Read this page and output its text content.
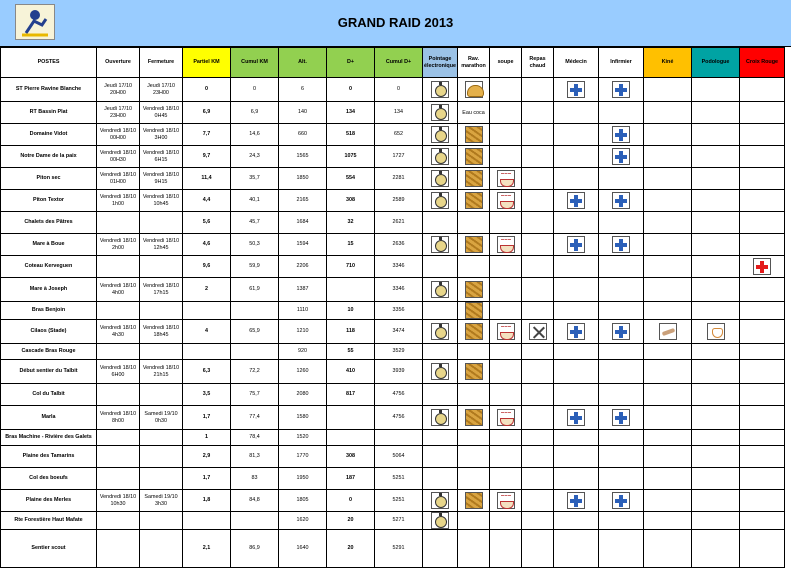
GRAND RAID 2013
POSTES	Ouverture	Fermeture	Partiel KM	Cumul KM	Alt.	D+	Cumul D+	Pointage électronique	Rav. marathon	soupe	Repas chaud	Médecin	Infirmier	Kiné	Podologue	Croix Rouge
ST Pierre Ravine Blanche	Jeudi 17/10 20H00	Jeudi 17/10 23H00	0	0	6	0	0									
RT Bassin Plat	Jeudi 17/10 23H00	Vendredi 18/10 0H45	6,9	6,9	140	134	134		Eau coca							

Domaine Vidot	Vendredi 18/10 00H00	Vendredi 18/10 3H00	7,7	14,6	660	518	652									
Notre Dame de la paix	Vendredi 18/10 00H30	Vendredi 18/10 6H15	9,7	24,3	1565	1075	1727									
Piton sec	Vendredi 18/10 01H00	Vendredi 18/10 9H15	11,4	35,7	1850	554	2281									
Piton Textor	Vendredi 18/10 1h00	Vendredi 18/10 10h45	4,4	40,1	2165	308	2589									
Chalets des Pâtres			5,6	45,7	1684	32	2621									
Mare à Boue	Vendredi 18/10 2h00	Vendredi 18/10 12h45	4,6	50,3	1594	15	2636									
Coteau Kerveguen			9,6	59,9	2206	710	3346									
Mare à Joseph	Vendredi 18/10 4h00	Vendredi 18/10 17h15	2	61,9	1387		3346									
Bras Benjoin					1110	10	3356									
Cilaos (Stade)	Vendredi 18/10 4h30	Vendredi 18/10 18h45	4	65,9	1210	118	3474									
Cascade Bras Rouge					920	55	3529									
Début sentier du Talbit	Vendredi 18/10 6H00	Vendredi 18/10 21h15	6,3	72,2	1260	410	3939									
Col du Talbit			3,5	75,7	2080	817	4756									
Marla	Vendredi 18/10 8h00	Samedi 19/10 0h30	1,7	77,4	1580		4756									
Bras Machine - Rivière des Galets			1	78,4	1520											
Plaine des Tamarins			2,9	81,3	1770	308	5064									
Col des boeufs			1,7	83	1950	187	5251									
Plaine des Merles	Vendredi 18/10 10h30	Samedi 19/10 3h30	1,8	84,8	1805	0	5251									
Rte Forestière Haut Mafate					1620	20	5271									
Sentier scout			2,1	86,9	1640	20	5291									
